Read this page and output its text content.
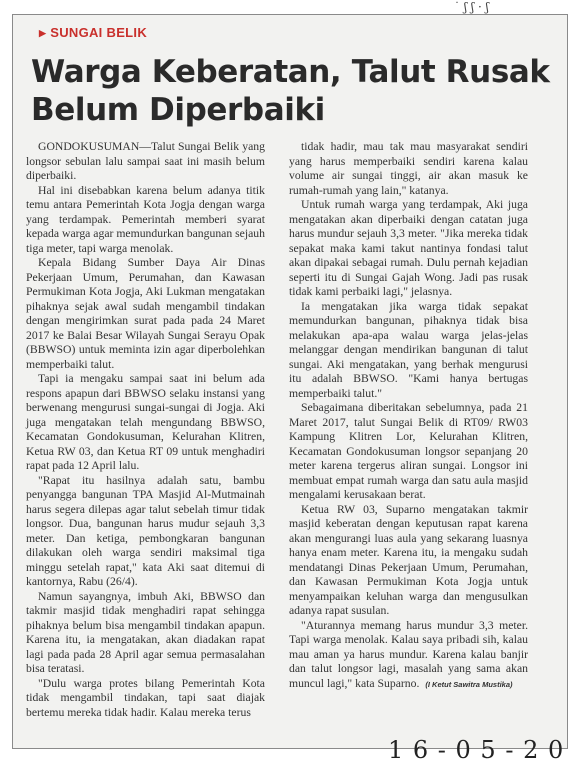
˙ ʃ ʃ · ʃ
▶ SUNGAI BELIK
Warga Keberatan, Talut Rusak Belum Diperbaiki

GONDOKUSUMAN—Talut Sungai Belik yang longsor sebulan lalu sampai saat ini masih belum diperbaiki.

Hal ini disebabkan karena belum adanya titik temu antara Pemerintah Kota Jogja dengan warga yang terdampak. Pemerintah memberi syarat kepada warga agar memundurkan bangunan sejauh tiga meter, tapi warga menolak.

Kepala Bidang Sumber Daya Air Dinas Pekerjaan Umum, Perumahan, dan Kawasan Permukiman Kota Jogja, Aki Lukman mengatakan pihaknya sejak awal sudah mengambil tindakan dengan mengirimkan surat pada pada 24 Maret 2017 ke Balai Besar Wilayah Sungai Serayu Opak (BBWSO) untuk meminta izin agar diperbolehkan memperbaiki talut.

Tapi ia mengaku sampai saat ini belum ada respons apapun dari BBWSO selaku instansi yang berwenang mengurusi sungai-sungai di Jogja. Aki juga mengatakan telah mengundang BBWSO, Kecamatan Gondokusuman, Kelurahan Klitren, Ketua RW 03, dan Ketua RT 09 untuk menghadiri rapat pada 12 April lalu.

"Rapat itu hasilnya adalah satu, bambu penyangga bangunan TPA Masjid Al-Mutmainah harus segera dilepas agar talut sebelah timur tidak longsor. Dua, bangunan harus mudur sejauh 3,3 meter. Dan ketiga, pembongkaran bangunan dilakukan oleh warga sendiri maksimal tiga minggu setelah rapat," kata Aki saat ditemui di kantornya, Rabu (26/4).

Namun sayangnya, imbuh Aki, BBWSO dan takmir masjid tidak menghadiri rapat sehingga pihaknya belum bisa mengambil tindakan apapun. Karena itu, ia mengatakan, akan diadakan rapat lagi pada pada 28 April agar semua permasalahan bisa teratasi.

"Dulu warga protes bilang Pemerintah Kota tidak mengambil tindakan, tapi saat diajak bertemu mereka tidak hadir. Kalau mereka terus

tidak hadir, mau tak mau masyarakat sendiri yang harus memperbaiki sendiri karena kalau volume air sungai tinggi, air akan masuk ke rumah-rumah yang lain," katanya.

Untuk rumah warga yang terdampak, Aki juga mengatakan akan diperbaiki dengan catatan juga harus mundur sejauh 3,3 meter. "Jika mereka tidak sepakat maka kami takut nantinya fondasi talut akan dipakai sebagai rumah. Dulu pernah kejadian seperti itu di Sungai Gajah Wong. Jadi pas rusak tidak kami perbaiki lagi," jelasnya.

Ia mengatakan jika warga tidak sepakat memundurkan bangunan, pihaknya tidak bisa melakukan apa-apa walau warga jelas-jelas melanggar dengan mendirikan bangunan di talut sungai. Aki mengatakan, yang berhak mengurusi itu adalah BBWSO. "Kami hanya bertugas memperbaiki talut."

Sebagaimana diberitakan sebelumnya, pada 21 Maret 2017, talut Sungai Belik di RT09/ RW03 Kampung Klitren Lor, Kelurahan Klitren, Kecamatan Gondokusuman longsor sepanjang 20 meter karena tergerus aliran sungai. Longsor ini membuat empat rumah warga dan satu aula masjid mengalami kerusakaan berat.

Ketua RW 03, Suparno mengatakan takmir masjid keberatan dengan keputusan rapat karena akan mengurangi luas aula yang sekarang luasnya hanya enam meter. Karena itu, ia mengaku sudah mendatangi Dinas Pekerjaan Umum, Perumahan, dan Kawasan Permukiman Kota Jogja untuk menyampaikan keluhan warga dan mengusulkan adanya rapat susulan.

"Aturannya memang harus mundur 3,3 meter. Tapi warga menolak. Kalau saya pribadi sih, kalau mau aman ya harus mundur. Karena kalau banjir dan talut longsor lagi, masalah yang sama akan muncul lagi," kata Suparno. (I Ketut Sawitra Mustika)

1 6 - 0 5 - 2 0
